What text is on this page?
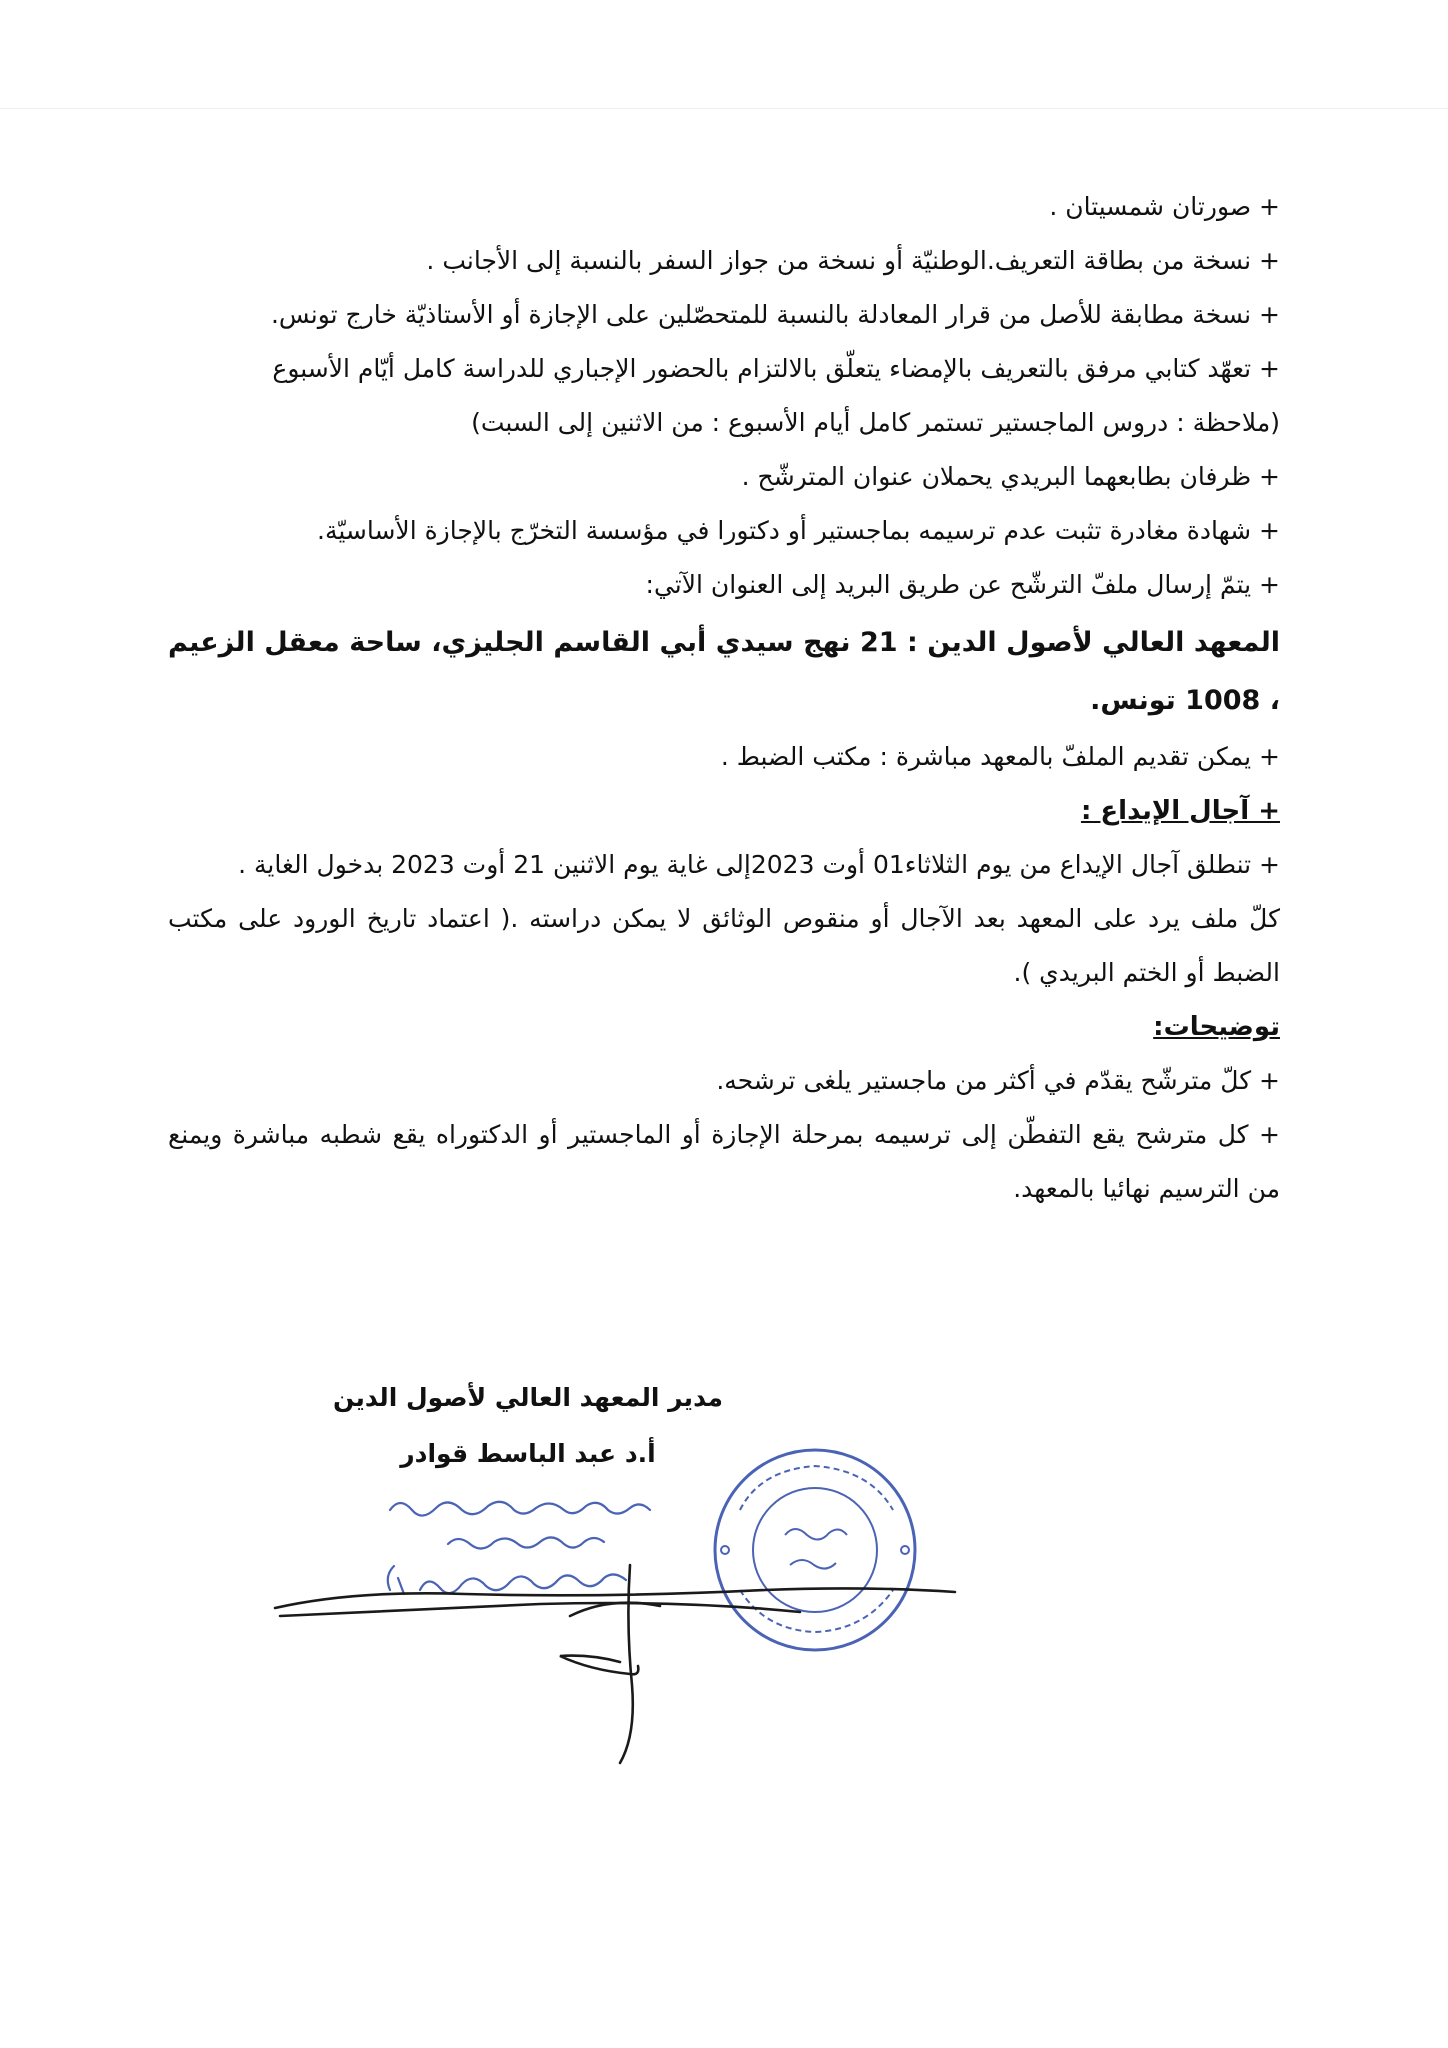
+ صورتان شمسيتان .

+ نسخة من بطاقة التعريف.الوطنيّة أو نسخة من جواز السفر بالنسبة إلى الأجانب .

+ نسخة مطابقة للأصل من قرار المعادلة بالنسبة للمتحصّلين على الإجازة أو الأستاذيّة خارج تونس.

+ تعهّد كتابي مرفق بالتعريف بالإمضاء يتعلّق بالالتزام بالحضور الإجباري للدراسة كامل أيّام الأسبوع

(ملاحظة : دروس الماجستير تستمر كامل أيام الأسبوع : من الاثنين إلى السبت)

+ ظرفان بطابعهما البريدي يحملان عنوان المترشّح .

+ شهادة مغادرة تثبت عدم ترسيمه بماجستير أو دكتورا في مؤسسة التخرّج بالإجازة الأساسيّة.

+ يتمّ إرسال ملفّ الترشّح عن طريق البريد إلى العنوان الآتي:

المعهد العالي لأصول الدين : 21 نهج سيدي أبي القاسم الجليزي، ساحة معقل الزعيم ، 1008 تونس.

+ يمكن تقديم الملفّ بالمعهد مباشرة : مكتب الضبط .

+ آجال الإيداع :

+ تنطلق آجال الإيداع من يوم الثلاثاء01 أوت 2023إلى غاية يوم الاثنين 21 أوت 2023 بدخول الغاية .

كلّ ملف يرد على المعهد بعد الآجال أو منقوص الوثائق لا يمكن دراسته .( اعتماد تاريخ الورود على مكتب الضبط أو الختم البريدي ).

توضيحات:

+ كلّ مترشّح يقدّم في أكثر من ماجستير يلغى ترشحه.

+ كل مترشح يقع التفطّن إلى ترسيمه بمرحلة الإجازة أو الماجستير أو الدكتوراه يقع شطبه مباشرة ويمنع من الترسيم نهائيا بالمعهد.

مدير المعهد العالي لأصول الدين

أ.د عبد الباسط قوادر
